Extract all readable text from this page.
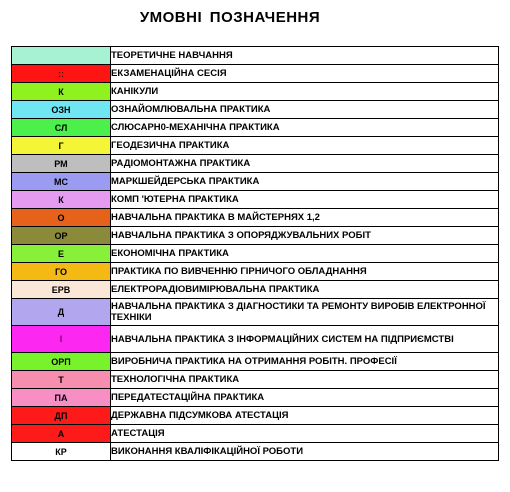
УМОВНІ ПОЗНАЧЕННЯ
	ТЕОРЕТИЧНЕ НАВЧАННЯ
::	ЕКЗАМЕНАЦІЙНА СЕСІЯ
К	КАНІКУЛИ
ОЗН	ОЗНАЙОМЛЮВАЛЬНА ПРАКТИКА
СЛ	СЛЮСАРН0-МЕХАНІЧНА ПРАКТИКА
Г	ГЕОДЕЗИЧНА ПРАКТИКА
РМ	РАДІОМОНТАЖНА ПРАКТИКА
МС	МАРКШЕЙДЕРСЬКА ПРАКТИКА
К	КОМП 'ЮТЕРНА ПРАКТИКА
О	НАВЧАЛЬНА ПРАКТИКА В МАЙСТЕРНЯХ 1,2
ОР	НАВЧАЛЬНА ПРАКТИКА З ОПОРЯДЖУВАЛЬНИХ РОБІТ
Е	ЕКОНОМІЧНА ПРАКТИКА
ГО	ПРАКТИКА ПО ВИВЧЕННЮ ГІРНИЧОГО ОБЛАДНАННЯ
ЕРВ	ЕЛЕКТРОРАДІОВИМІРЮВАЛЬНА ПРАКТИКА
Д	НАВЧАЛЬНА ПРАКТИКА З ДІАГНОСТИКИ ТА РЕМОНТУ ВИРОБІВ ЕЛЕКТРОННОЇ ТЕХНІКИ
І	НАВЧАЛЬНА ПРАКТИКА З ІНФОРМАЦІЙНИХ СИСТЕМ НА ПІДПРИЄМСТВІ
ОРП	ВИРОБНИЧА ПРАКТИКА НА ОТРИМАННЯ РОБІТН. ПРОФЕСІЇ
Т	ТЕХНОЛОГІЧНА ПРАКТИКА
ПА	ПЕРЕДАТЕСТАЦІЙНА ПРАКТИКА
ДП	ДЕРЖАВНА ПІДСУМКОВА АТЕСТАЦІЯ
А	АТЕСТАЦІЯ
КР	ВИКОНАННЯ КВАЛІФІКАЦІЙНОЇ РОБОТИ
